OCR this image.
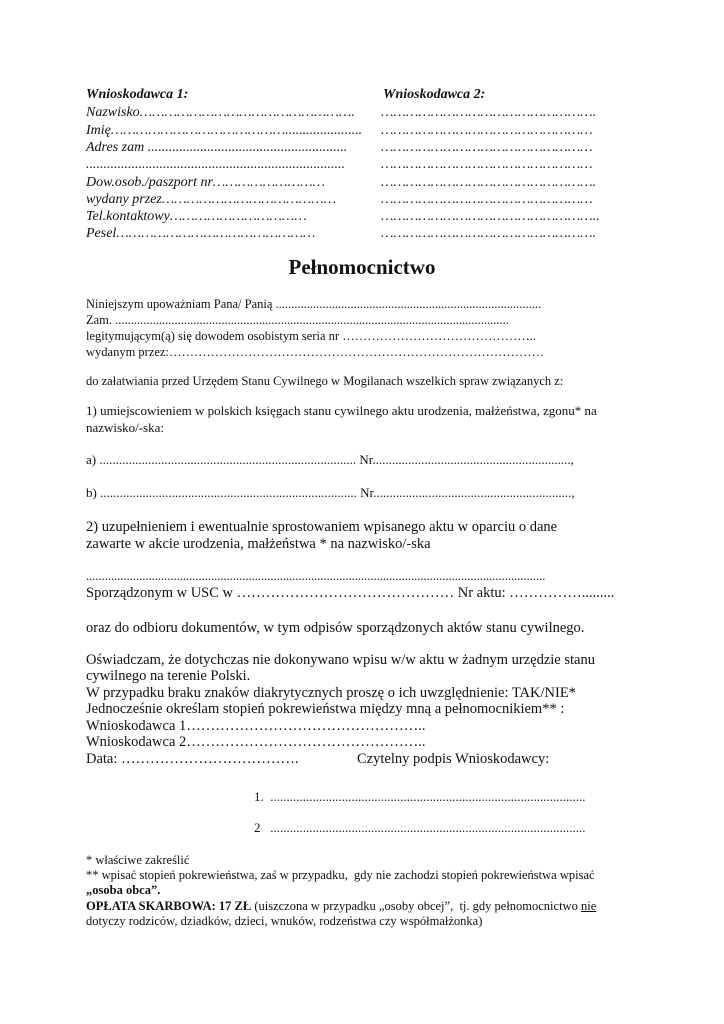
Wnioskodawca 1:	Wnioskodawca 2:
Nazwisko…………………………………………….
Imię……………………………………......................
Adres zam .........................................................
..........................................................................
Dow.osob./paszport nr………………………
wydany przez……………………………………
Tel.kontaktowy……………………………
Pesel…………………………………………
…………………………………………….
……………………………………………
……………………………………………
……………………………………………
…………………………………………….
……………………………………………
……………………………………………..
…………………………………………….
Pełnomocnictwo
Niniejszym upoważniam Pana/ Panią .....................................................................................
Zam. ..............................................................................................................................
legitymującym(ą) się dowodem osobistym seria nr ………………………………………..
wydanym przez:………………………………………………………………………………
do załatwiania przed Urzędem Stanu Cywilnego w Mogilanach wszelkich spraw związanych z:
1) umiejscowieniem w polskich księgach stanu cywilnego aktu urodzenia, małżeństwa, zgonu* na
nazwisko/-ska:
a) ............................................................................... Nr.............................................................,
b) ............................................................................... Nr.............................................................,
2) uzupełnieniem i ewentualnie sprostowaniem wpisanego aktu w oparciu o dane
zawarte w akcie urodzenia, małżeństwa * na nazwisko/-ska
...................................................................................................................................................
Sporządzonym w USC w ……………………………………… Nr aktu: …………….........
oraz do odbioru dokumentów, w tym odpisów sporządzonych aktów stanu cywilnego.
Oświadczam, że dotychczas nie dokonywano wpisu w/w aktu w żadnym urzędzie stanu
cywilnego na terenie Polski.
W przypadku braku znaków diakrytycznych proszę o ich uwzględnienie: TAK/NIE*
Jednocześnie określam stopień pokrewieństwa między mną a pełnomocnikiem** :
Wnioskodawca 1…………………………………………..
Wnioskodawca 2…………………………………………..
Data: ……………………………….	Czytelny podpis Wnioskodawcy:
1.  .................................................................................................
2   .................................................................................................
* właściwe zakreślić
** wpisać stopień pokrewieństwa, zaś w przypadku,  gdy nie zachodzi stopień pokrewieństwa wpisać
„osoba obca”.
OPŁATA SKARBOWA: 17 ZŁ (uiszczona w przypadku „osoby obcej”,  tj. gdy pełnomocnictwo nie
dotyczy rodziców, dziadków, dzieci, wnuków, rodzeństwa czy współmałżonka)
